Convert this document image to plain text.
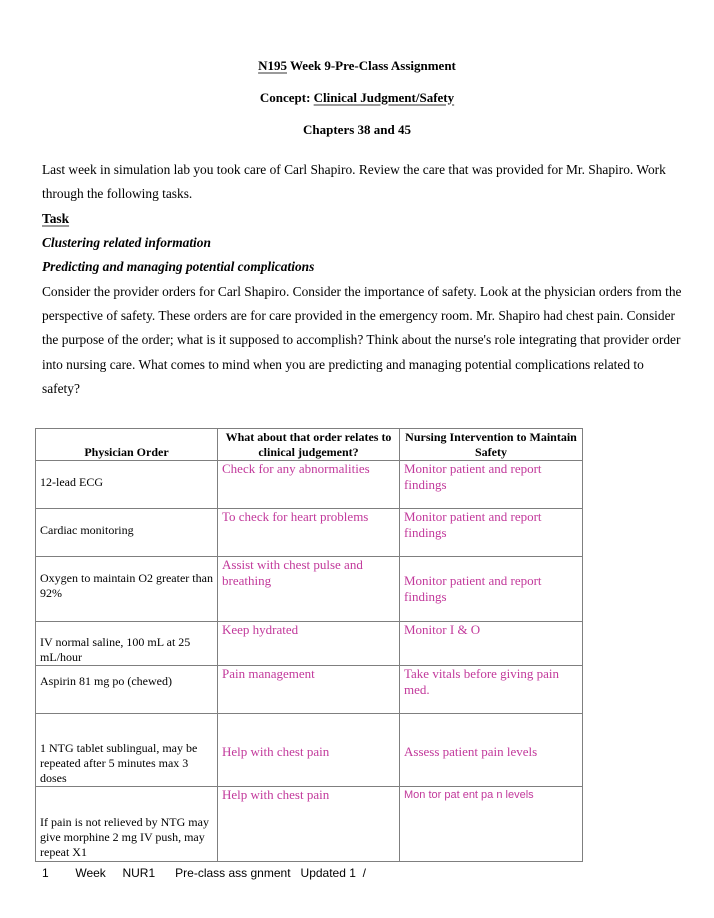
N195 Week 9-Pre-Class Assignment
Concept: Clinical Judgment/Safety
Chapters 38 and 45
Last week in simulation lab you took care of Carl Shapiro. Review the care that was provided for Mr. Shapiro. Work through the following tasks.
Task
Clustering related information
Predicting and managing potential complications
Consider the provider orders for Carl Shapiro. Consider the importance of safety. Look at the physician orders from the perspective of safety. These orders are for care provided in the emergency room. Mr. Shapiro had chest pain. Consider the purpose of the order; what is it supposed to accomplish? Think about the nurse's role integrating that provider order into nursing care. What comes to mind when you are predicting and managing potential complications related to safety?
Physician Order	What about that order relates to clinical judgement?	Nursing Intervention to Maintain Safety

12-lead ECG	Check for any abnormalities	Monitor patient and report findings

Cardiac monitoring	To check for heart problems	Monitor patient and report findings

Oxygen to maintain O2 greater than 92%	Assist with chest pulse and breathing	Monitor patient and report findings

IV normal saline, 100 mL at 25 mL/hour	Keep hydrated	Monitor I & O

Aspirin 81 mg po (chewed)	Pain management	Take vitals before giving pain med.

1 NTG tablet sublingual, may be repeated after 5 minutes max 3 doses	Help with chest pain	Assess patient pain levels

If pain is not relieved by NTG may give morphine 2 mg IV push, may repeat X1	Help with chest pain	Mon tor pat ent pa n levels
1        Week     NUR1      Pre-class ass gnment   Updated 1  /
